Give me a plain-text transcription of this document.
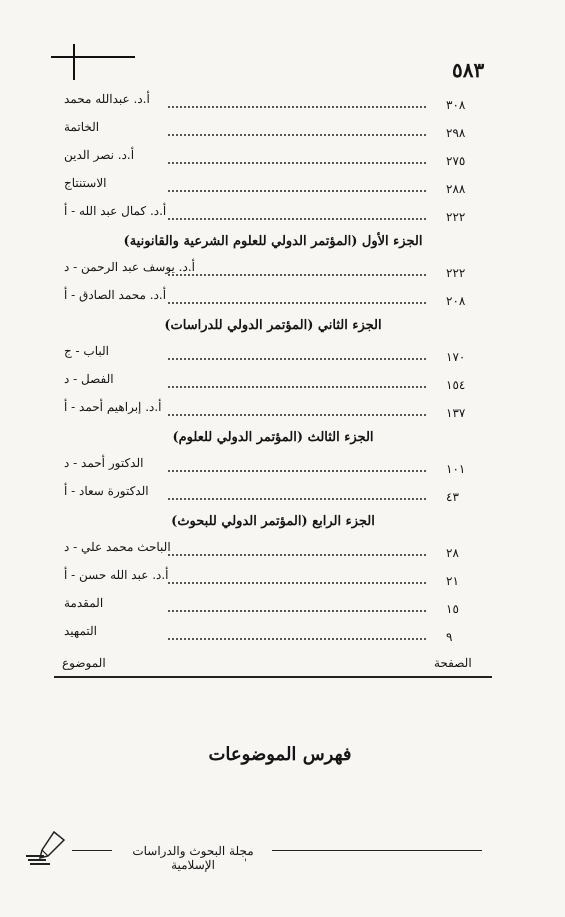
٥٨٣
٣٠٨
أ.د. عبدالله محمد
٢٩٨
الخاتمة
٢٧٥
أ.د. نصر الدين
٢٨٨
الاستنتاج
٢٢٢
أ.د. كمال عبد الله - أ
(المؤتمر الدولي للعلوم الشرعية والقانونية) الجزء الأول
٢٢٢
أ.د. يوسف عبد الرحمن - د
٢٠٨
أ.د. محمد الصادق - أ
(المؤتمر الدولي للدراسات) الجزء الثاني
١٧٠
الباب - ج
١٥٤
الفصل - د
١٣٧
أ.د. إبراهيم أحمد - أ
(المؤتمر الدولي للعلوم) الجزء الثالث
١٠١
الدكتور أحمد - د
٤٣
الدكتورة سعاد - أ
(المؤتمر الدولي للبحوث) الجزء الرابع
٢٨
الباحث محمد علي - د
٢١
أ.د. عبد الله حسن - أ
١٥
المقدمة
٩
التمهيد
الصفحة
الموضوع
فهرس الموضوعات
مجلة البحوث والدراسات الإسلامية	'
